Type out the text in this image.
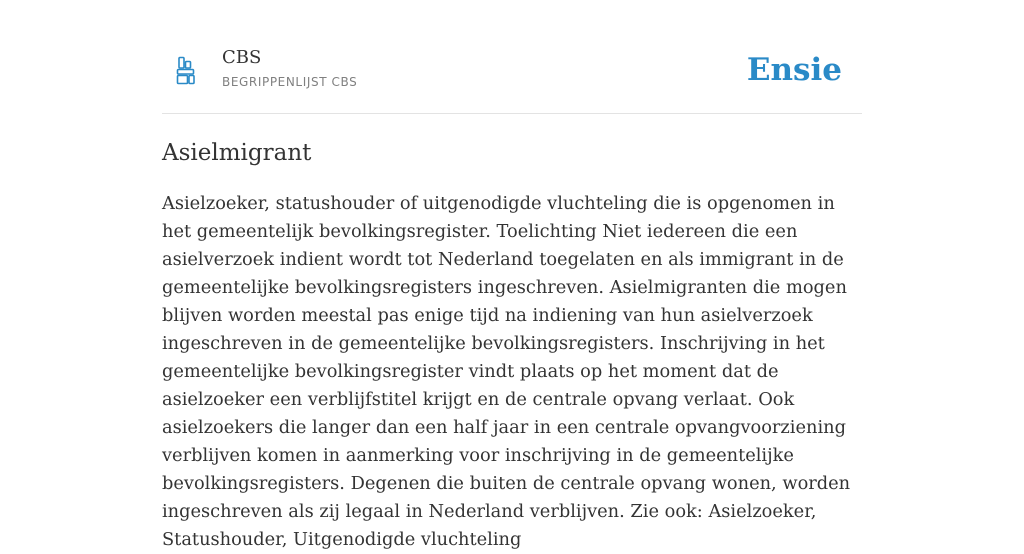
CBS
BEGRIPPENLIJST CBS	Ensie
Asielmigrant

Asielzoeker, statushouder of uitgenodigde vluchteling die is opgenomen in het gemeentelijk bevolkingsregister. Toelichting Niet iedereen die een asielverzoek indient wordt tot Nederland toegelaten en als immigrant in de gemeentelijke bevolkingsregisters ingeschreven. Asielmigranten die mogen blijven worden meestal pas enige tijd na indiening van hun asielverzoek ingeschreven in de gemeentelijke bevolkingsregisters. Inschrijving in het gemeentelijke bevolkingsregister vindt plaats op het moment dat de asielzoeker een verblijfstitel krijgt en de centrale opvang verlaat. Ook asielzoekers die langer dan een half jaar in een centrale opvangvoorziening verblijven komen in aanmerking voor inschrijving in de gemeentelijke bevolkingsregisters. Degenen die buiten de centrale opvang wonen, worden ingeschreven als zij legaal in Nederland verblijven. Zie ook: Asielzoeker, Statushouder, Uitgenodigde vluchteling
